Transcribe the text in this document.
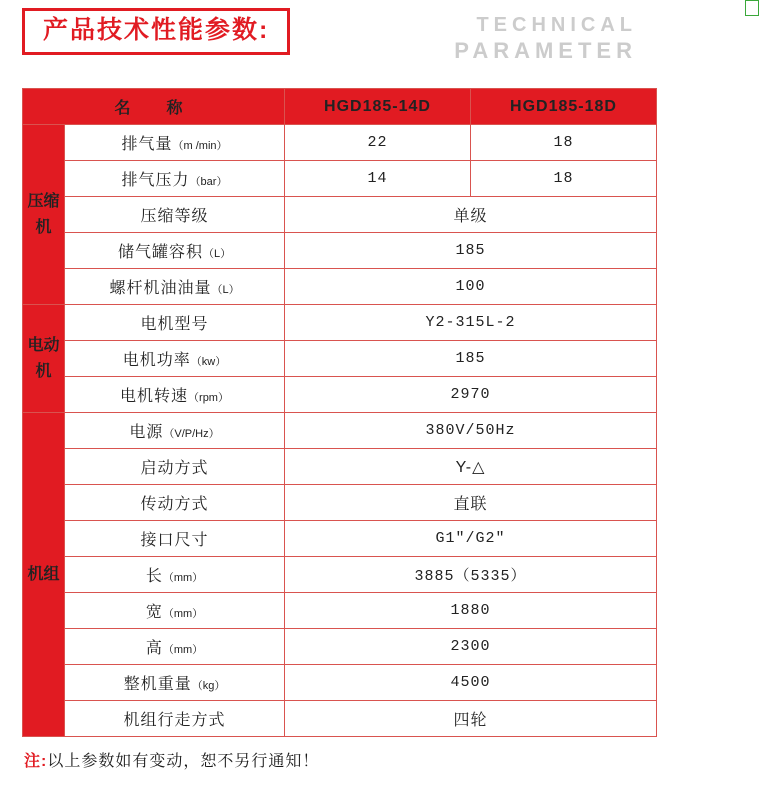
产品技术性能参数:	TECHNICAL
PARAMETER
名　称		HGD185-14D	HGD185-18D
压缩机	排气量（m /min）	22	18
	排气压力（bar）	14	18
	压缩等级	单级	
	储气罐容积（L）	185	
	螺杆机油油量（L）	100	
电动机	电机型号	Y2-315L-2	
	电机功率（kw）	185	
	电机转速（rpm）	2970	
机组	电源（V/P/Hz）	380V/50Hz	
	启动方式	Y-△	
	传动方式	直联	
	接口尺寸	G1"/G2"	
	长（mm）	3885（5335）	
	宽（mm）	1880	
	高（mm）	2300	
	整机重量（kg）	4500	
	机组行走方式	四轮	
注:以上参数如有变动，恕不另行通知！
